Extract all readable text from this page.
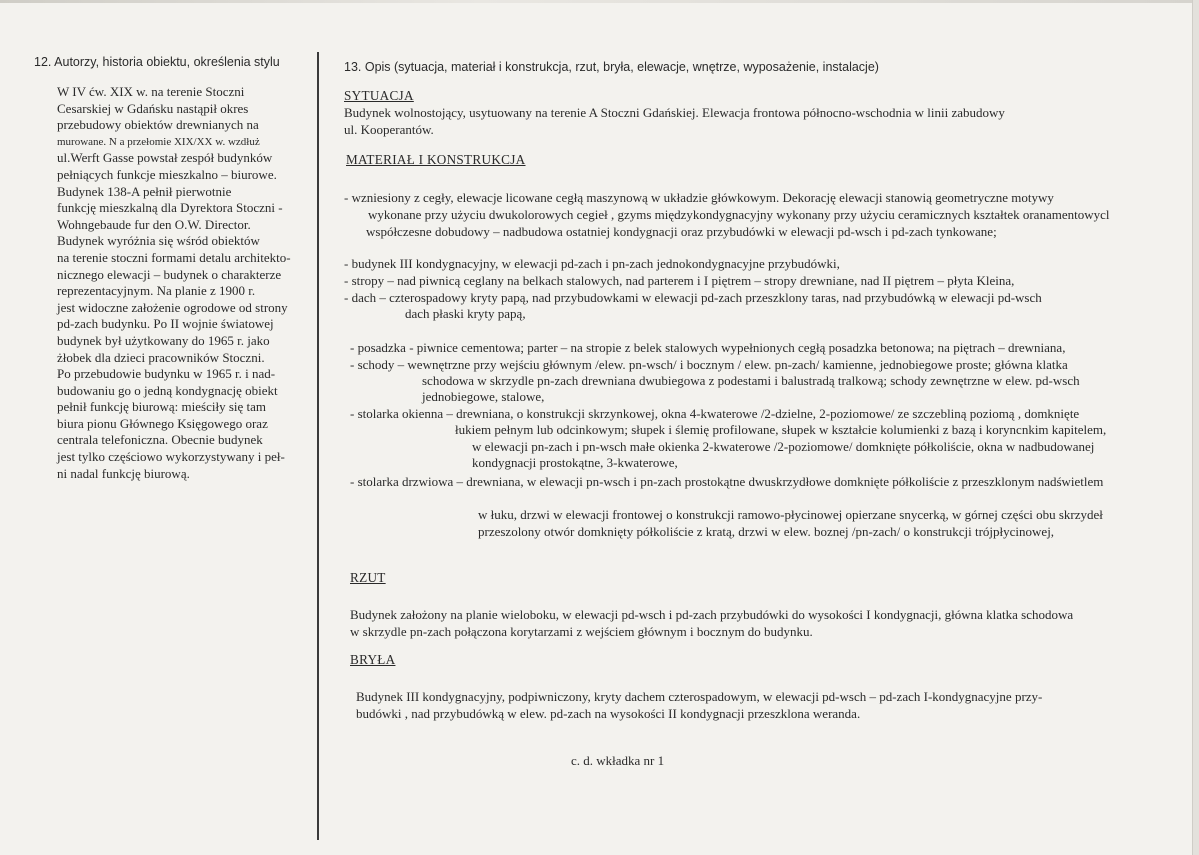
12. Autorzy, historia obiektu, określenia stylu
W IV ćw. XIX w. na terenie Stoczni
Cesarskiej w Gdańsku nastąpił okres
przebudowy obiektów drewnianych na
murowane. N a przełomie XIX/XX w. wzdłuż
ul.Werft Gasse powstał zespół budynków
pełniących funkcje mieszkalno – biurowe.
Budynek 138-A pełnił pierwotnie
funkcję mieszkalną dla Dyrektora Stoczni -
Wohngebaude fur den O.W. Director.
Budynek wyróżnia się wśród obiektów
na terenie stoczni formami detalu architekto-
nicznego elewacji – budynek o charakterze
reprezentacyjnym. Na planie z 1900 r.
jest widoczne założenie ogrodowe od strony
pd-zach budynku. Po II wojnie światowej
budynek był użytkowany do 1965 r. jako
żłobek dla dzieci pracowników Stoczni.
Po przebudowie budynku w 1965 r. i nad-
budowaniu go o jedną kondygnację obiekt
pełnił funkcję biurową: mieściły się tam
biura pionu Głównego Księgowego oraz
centrala telefoniczna. Obecnie budynek
jest tylko częściowo wykorzystywany i peł-
ni nadal funkcję biurową.
13. Opis (sytuacja, materiał i konstrukcja, rzut, bryła, elewacje, wnętrze, wyposażenie, instalacje)
SYTUACJA
Budynek wolnostojący, usytuowany na terenie A Stoczni Gdańskiej. Elewacja frontowa północno-wschodnia w linii zabudowy
ul. Kooperantów.
MATERIAŁ I KONSTRUKCJA
- wzniesiony z cegły, elewacje licowane cegłą maszynową w układzie główkowym. Dekorację elewacji stanowią geometryczne motywy
wykonane przy użyciu dwukolorowych cegieł , gzyms międzykondygnacyjny wykonany przy użyciu ceramicznych kształtek oranamentowycl
współczesne dobudowy – nadbudowa ostatniej kondygnacji oraz przybudówki w elewacji pd-wsch i pd-zach tynkowane;
- budynek III kondygnacyjny, w elewacji pd-zach i pn-zach jednokondygnacyjne przybudówki,
- stropy – nad piwnicą ceglany na belkach stalowych, nad parterem i I piętrem – stropy drewniane, nad II piętrem – płyta Kleina,
- dach – czterospadowy kryty papą, nad przybudowkami w elewacji pd-zach przeszklony taras, nad przybudówką w elewacji pd-wsch
dach płaski kryty papą,
- posadzka - piwnice cementowa; parter – na stropie z belek stalowych wypełnionych cegłą posadzka betonowa; na piętrach – drewniana,
- schody – wewnętrzne przy wejściu głównym /elew. pn-wsch/ i bocznym / elew. pn-zach/ kamienne, jednobiegowe proste; główna klatka
schodowa w skrzydle pn-zach drewniana dwubiegowa z podestami i balustradą tralkową; schody zewnętrzne w elew. pd-wsch
jednobiegowe, stalowe,
- stolarka okienna – drewniana, o konstrukcji skrzynkowej, okna 4-kwaterowe /2-dzielne, 2-poziomowe/ ze szczebliną poziomą , domknięte
łukiem pełnym lub odcinkowym; słupek i ślemię profilowane, słupek w kształcie kolumienki z bazą i koryncnkim kapitelem,
w elewacji pn-zach i pn-wsch małe okienka 2-kwaterowe /2-poziomowe/ domknięte półkoliście, okna w nadbudowanej
kondygnacji prostokątne, 3-kwaterowe,
- stolarka drzwiowa – drewniana, w elewacji pn-wsch i pn-zach prostokątne dwuskrzydłowe domknięte półkoliście z przeszklonym nadświetlem
w łuku, drzwi w elewacji frontowej o konstrukcji ramowo-płycinowej opierzane snycerką, w górnej części obu skrzydeł
przeszolony otwór domknięty półkoliście z kratą, drzwi w elew. boznej /pn-zach/ o konstrukcji trójpłycinowej,
RZUT
Budynek założony na planie wieloboku, w elewacji pd-wsch i pd-zach przybudówki do wysokości I kondygnacji, główna klatka schodowa
w skrzydle pn-zach połączona korytarzami z wejściem głównym i bocznym do budynku.
BRYŁA
Budynek III kondygnacyjny, podpiwniczony, kryty dachem czterospadowym, w elewacji pd-wsch – pd-zach I-kondygnacyjne przy-
budówki , nad przybudówką w elew. pd-zach na wysokości II kondygnacji przeszklona weranda.
c. d. wkładka nr 1
